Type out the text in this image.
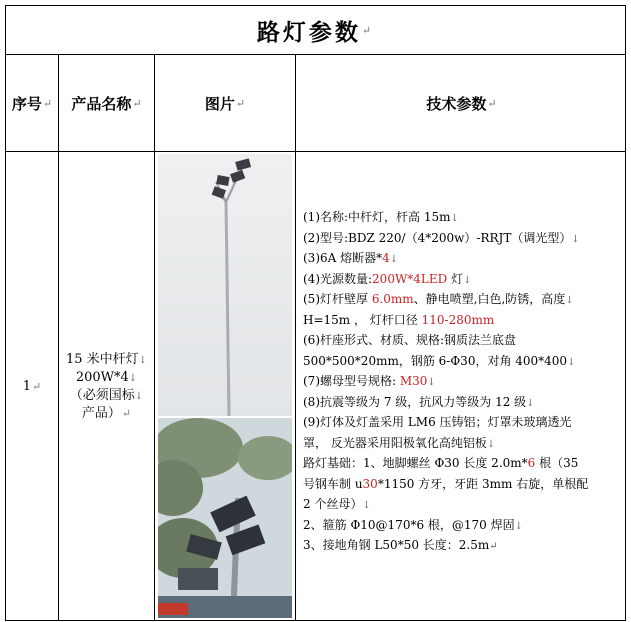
路灯参数 ↵
序号 ↵ 产品名称 ↵	图片 ↵	技术参数 ↵
1 ↵
15 米中杆灯↓
200W*4↓
（必须国标↓
产品）↵
(1)名称:中杆灯，杆高 15m↓
(2)型号:BDZ 220/（4*200w）-RRJT（调光型）↓
(3)6A 熔断器*4↓
(4)光源数量:200W*4LED 灯↓
(5)灯杆壁厚 6.0mm、静电喷塑,白色,防锈，高度↓
H=15m ， 灯杆口径 110-280mm
(6)杆座形式、材质、规格:钢质法兰底盘
500*500*20mm，钢筋 6-Φ30，对角 400*400↓
(7)螺母型号规格: M30↓
(8)抗震等级为 7 级，抗风力等级为 12 级↓
(9)灯体及灯盖采用 LM6 压铸铝；灯罩未玻璃透光
罩， 反光器采用阳极氧化高纯铝板↓
路灯基础：1、地脚螺丝 Φ30 长度 2.0m*6 根（35
号钢车制 u30*1150 方牙，牙距 3mm 右旋，单根配
2 个丝母）↓
2、箍筋 Φ10@170*6 根，@170 焊固↓
3、接地角钢 L50*50 长度：2.5m↵
